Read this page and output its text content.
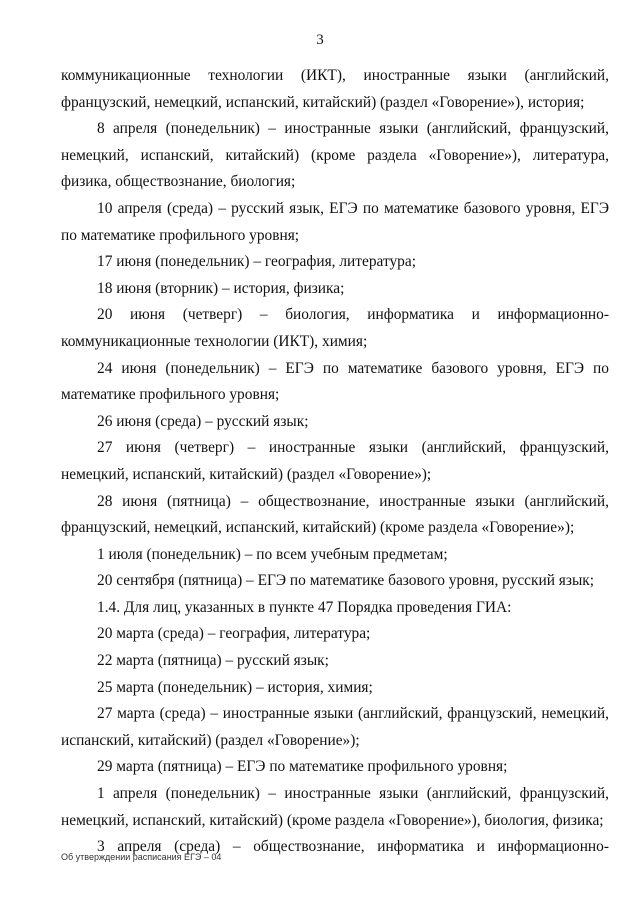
3

коммуникационные технологии (ИКТ), иностранные языки (английский, французский, немецкий, испанский, китайский) (раздел «Говорение»), история;

8 апреля (понедельник) – иностранные языки (английский, французский, немецкий, испанский, китайский) (кроме раздела «Говорение»), литература, физика, обществознание, биология;

10 апреля (среда) – русский язык, ЕГЭ по математике базового уровня, ЕГЭ по математике профильного уровня;

17 июня (понедельник) – география, литература;

18 июня (вторник) – история, физика;

20 июня (четверг) – биология, информатика и информационно-коммуникационные технологии (ИКТ), химия;

24 июня (понедельник) – ЕГЭ по математике базового уровня, ЕГЭ по математике профильного уровня;

26 июня (среда) – русский язык;

27 июня (четверг) – иностранные языки (английский, французский, немецкий, испанский, китайский) (раздел «Говорение»);

28 июня (пятница) – обществознание, иностранные языки (английский, французский, немецкий, испанский, китайский) (кроме раздела «Говорение»);

1 июля (понедельник) – по всем учебным предметам;

20 сентября (пятница) – ЕГЭ по математике базового уровня, русский язык;

1.4. Для лиц, указанных в пункте 47 Порядка проведения ГИА:

20 марта (среда) – география, литература;

22 марта (пятница) – русский язык;

25 марта (понедельник) – история, химия;

27 марта (среда) – иностранные языки (английский, французский, немецкий, испанский, китайский) (раздел «Говорение»);

29 марта (пятница) – ЕГЭ по математике профильного уровня;

1 апреля (понедельник) – иностранные языки (английский, французский, немецкий, испанский, китайский) (кроме раздела «Говорение»), биология, физика;

3 апреля (среда) – обществознание, информатика и информационно-

Об утверждении расписания ЕГЭ – 04
